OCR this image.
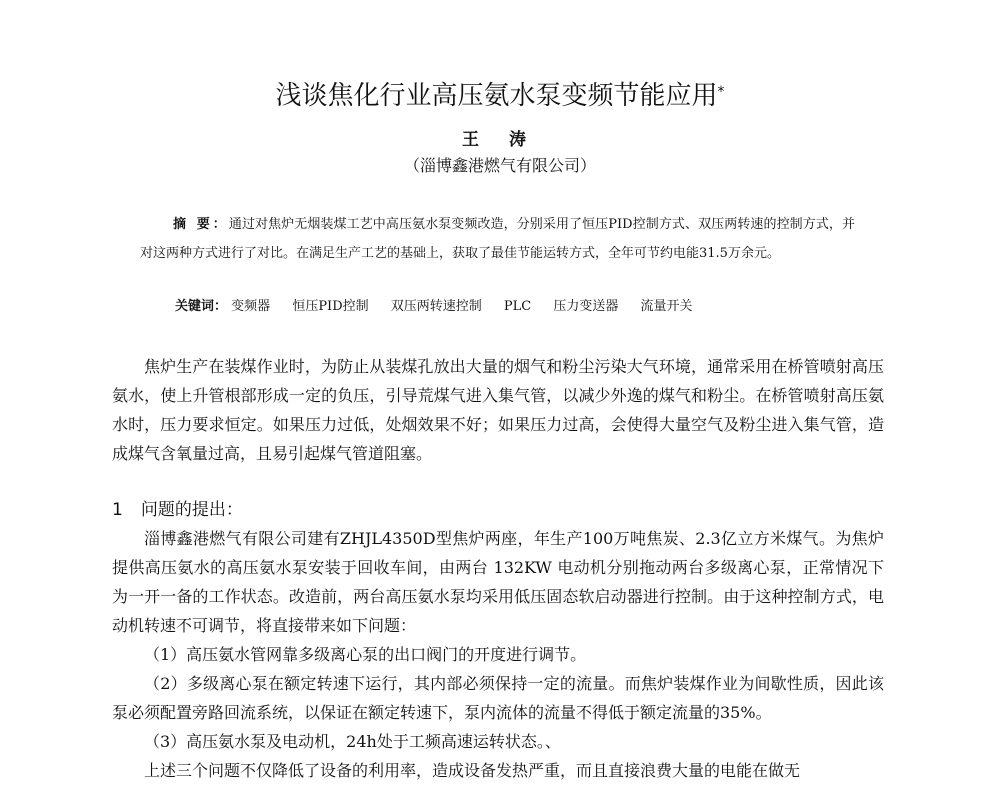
浅谈焦化行业高压氨水泵变频节能应用*
王 涛
（淄博鑫港燃气有限公司）

摘 要：通过对焦炉无烟装煤工艺中高压氨水泵变频改造，分别采用了恒压PID控制方式、双压两转速的控制方式，并对这两种方式进行了对比。在满足生产工艺的基础上，获取了最佳节能运转方式，全年可节约电能31.5万余元。

关键词： 变频器 恒压PID控制 双压两转速控制 PLC 压力变送器 流量开关

焦炉生产在装煤作业时，为防止从装煤孔放出大量的烟气和粉尘污染大气环境，通常采用在桥管喷射高压氨水，使上升管根部形成一定的负压，引导荒煤气进入集气管，以减少外逸的煤气和粉尘。在桥管喷射高压氨水时，压力要求恒定。如果压力过低，处烟效果不好；如果压力过高，会使得大量空气及粉尘进入集气管，造成煤气含氧量过高，且易引起煤气管道阻塞。

1 问题的提出：

淄博鑫港燃气有限公司建有ZHJL4350D型焦炉两座，年生产100万吨焦炭、2.3亿立方米煤气。为焦炉提供高压氨水的高压氨水泵安装于回收车间，由两台 132KW 电动机分别拖动两台多级离心泵，正常情况下为一开一备的工作状态。改造前，两台高压氨水泵均采用低压固态软启动器进行控制。由于这种控制方式，电动机转速不可调节，将直接带来如下问题：

（1）高压氨水管网靠多级离心泵的出口阀门的开度进行调节。

（2）多级离心泵在额定转速下运行，其内部必须保持一定的流量。而焦炉装煤作业为间歇性质，因此该泵必须配置旁路回流系统，以保证在额定转速下，泵内流体的流量不得低于额定流量的35%。

（3）高压氨水泵及电动机，24h处于工频高速运转状态。、

上述三个问题不仅降低了设备的利用率，造成设备发热严重，而且直接浪费大量的电能在做无
